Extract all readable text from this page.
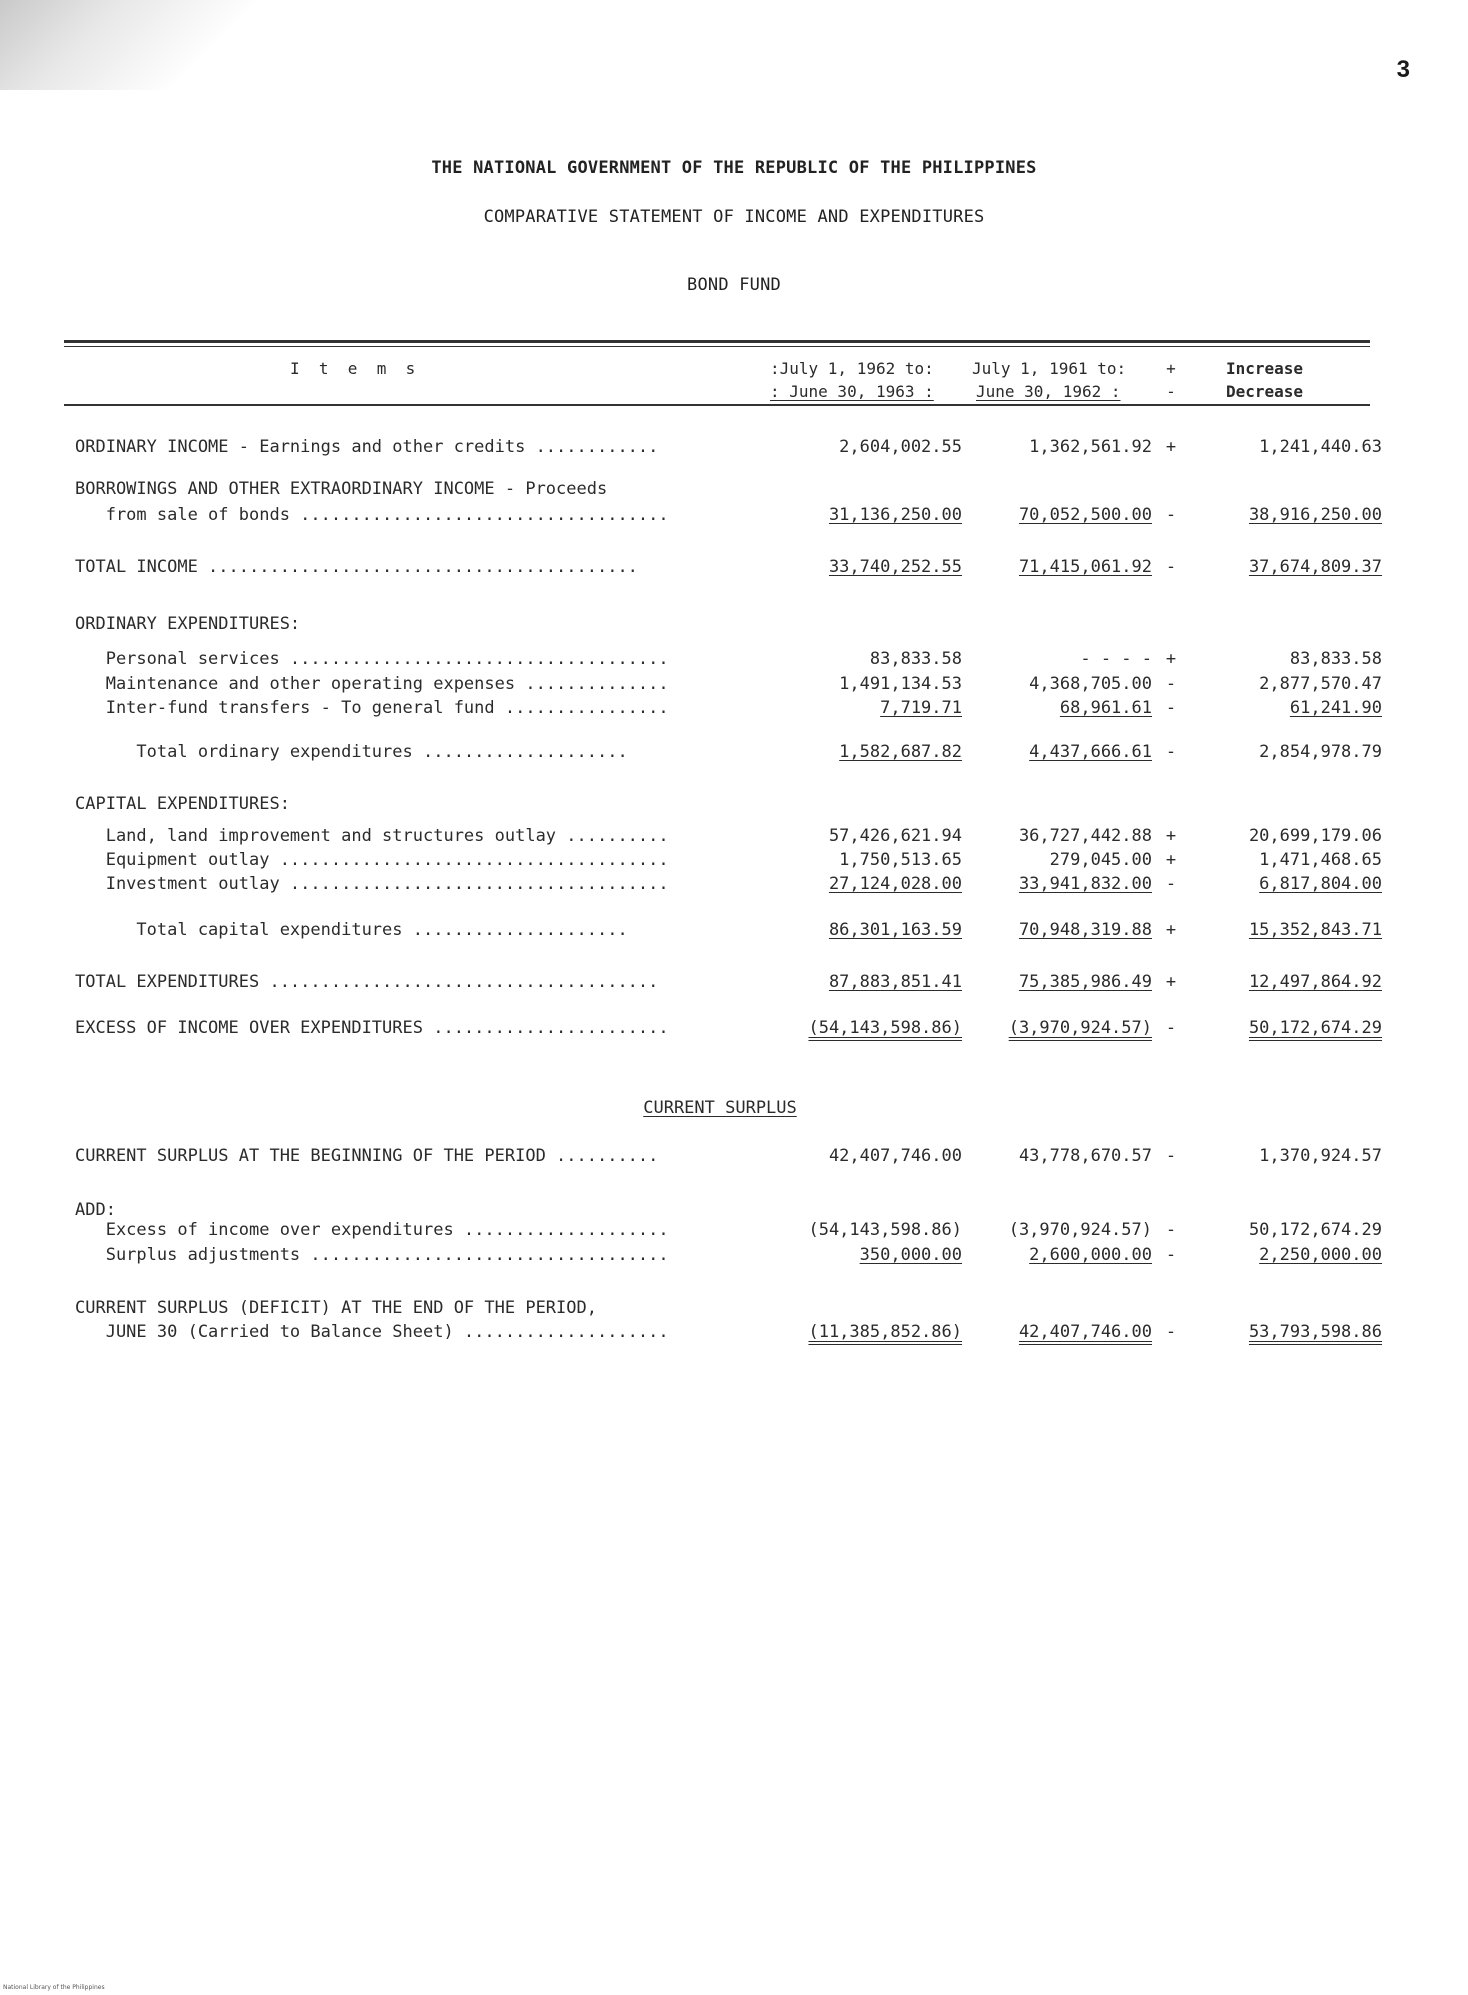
3
THE NATIONAL GOVERNMENT OF THE REPUBLIC OF THE PHILIPPINES
COMPARATIVE STATEMENT OF INCOME AND EXPENDITURES
BOND FUND
I  t  e  m  s	:July 1, 1962 to: July 1, 1961 to:	+	Increase
: June 30, 1963 :	June 30, 1962 :	-	Decrease
ORDINARY INCOME - Earnings and other credits ............	2,604,002.55	1,362,561.92 +	1,241,440.63
BORROWINGS AND OTHER EXTRAORDINARY INCOME - Proceeds
from sale of bonds ....................................	31,136,250.00	70,052,500.00 -	38,916,250.00
TOTAL INCOME ..........................................	33,740,252.55	71,415,061.92 -	37,674,809.37
ORDINARY EXPENDITURES:
Personal services .....................................	83,833.58	- - - - +	83,833.58
Maintenance and other operating expenses ..............	1,491,134.53	4,368,705.00 -	2,877,570.47
Inter-fund transfers - To general fund ................	7,719.71	68,961.61 -	61,241.90
Total ordinary expenditures ....................	1,582,687.82	4,437,666.61 -	2,854,978.79
CAPITAL EXPENDITURES:
Land, land improvement and structures outlay ..........	57,426,621.94	36,727,442.88 +	20,699,179.06
Equipment outlay ......................................	1,750,513.65	279,045.00 +	1,471,468.65
Investment outlay .....................................	27,124,028.00	33,941,832.00 -	6,817,804.00
Total capital expenditures .....................	86,301,163.59	70,948,319.88 +	15,352,843.71
TOTAL EXPENDITURES ......................................	87,883,851.41	75,385,986.49 +	12,497,864.92
EXCESS OF INCOME OVER EXPENDITURES .......................	(54,143,598.86)	(3,970,924.57) -	50,172,674.29
CURRENT SURPLUS
CURRENT SURPLUS AT THE BEGINNING OF THE PERIOD ..........	42,407,746.00	43,778,670.57 -	1,370,924.57
ADD:
Excess of income over expenditures ....................	(54,143,598.86)	(3,970,924.57) -	50,172,674.29
Surplus adjustments ...................................	350,000.00	2,600,000.00 -	2,250,000.00
CURRENT SURPLUS (DEFICIT) AT THE END OF THE PERIOD,
JUNE 30 (Carried to Balance Sheet) ....................	(11,385,852.86)	42,407,746.00 -	53,793,598.86
National Library of the Philippines
